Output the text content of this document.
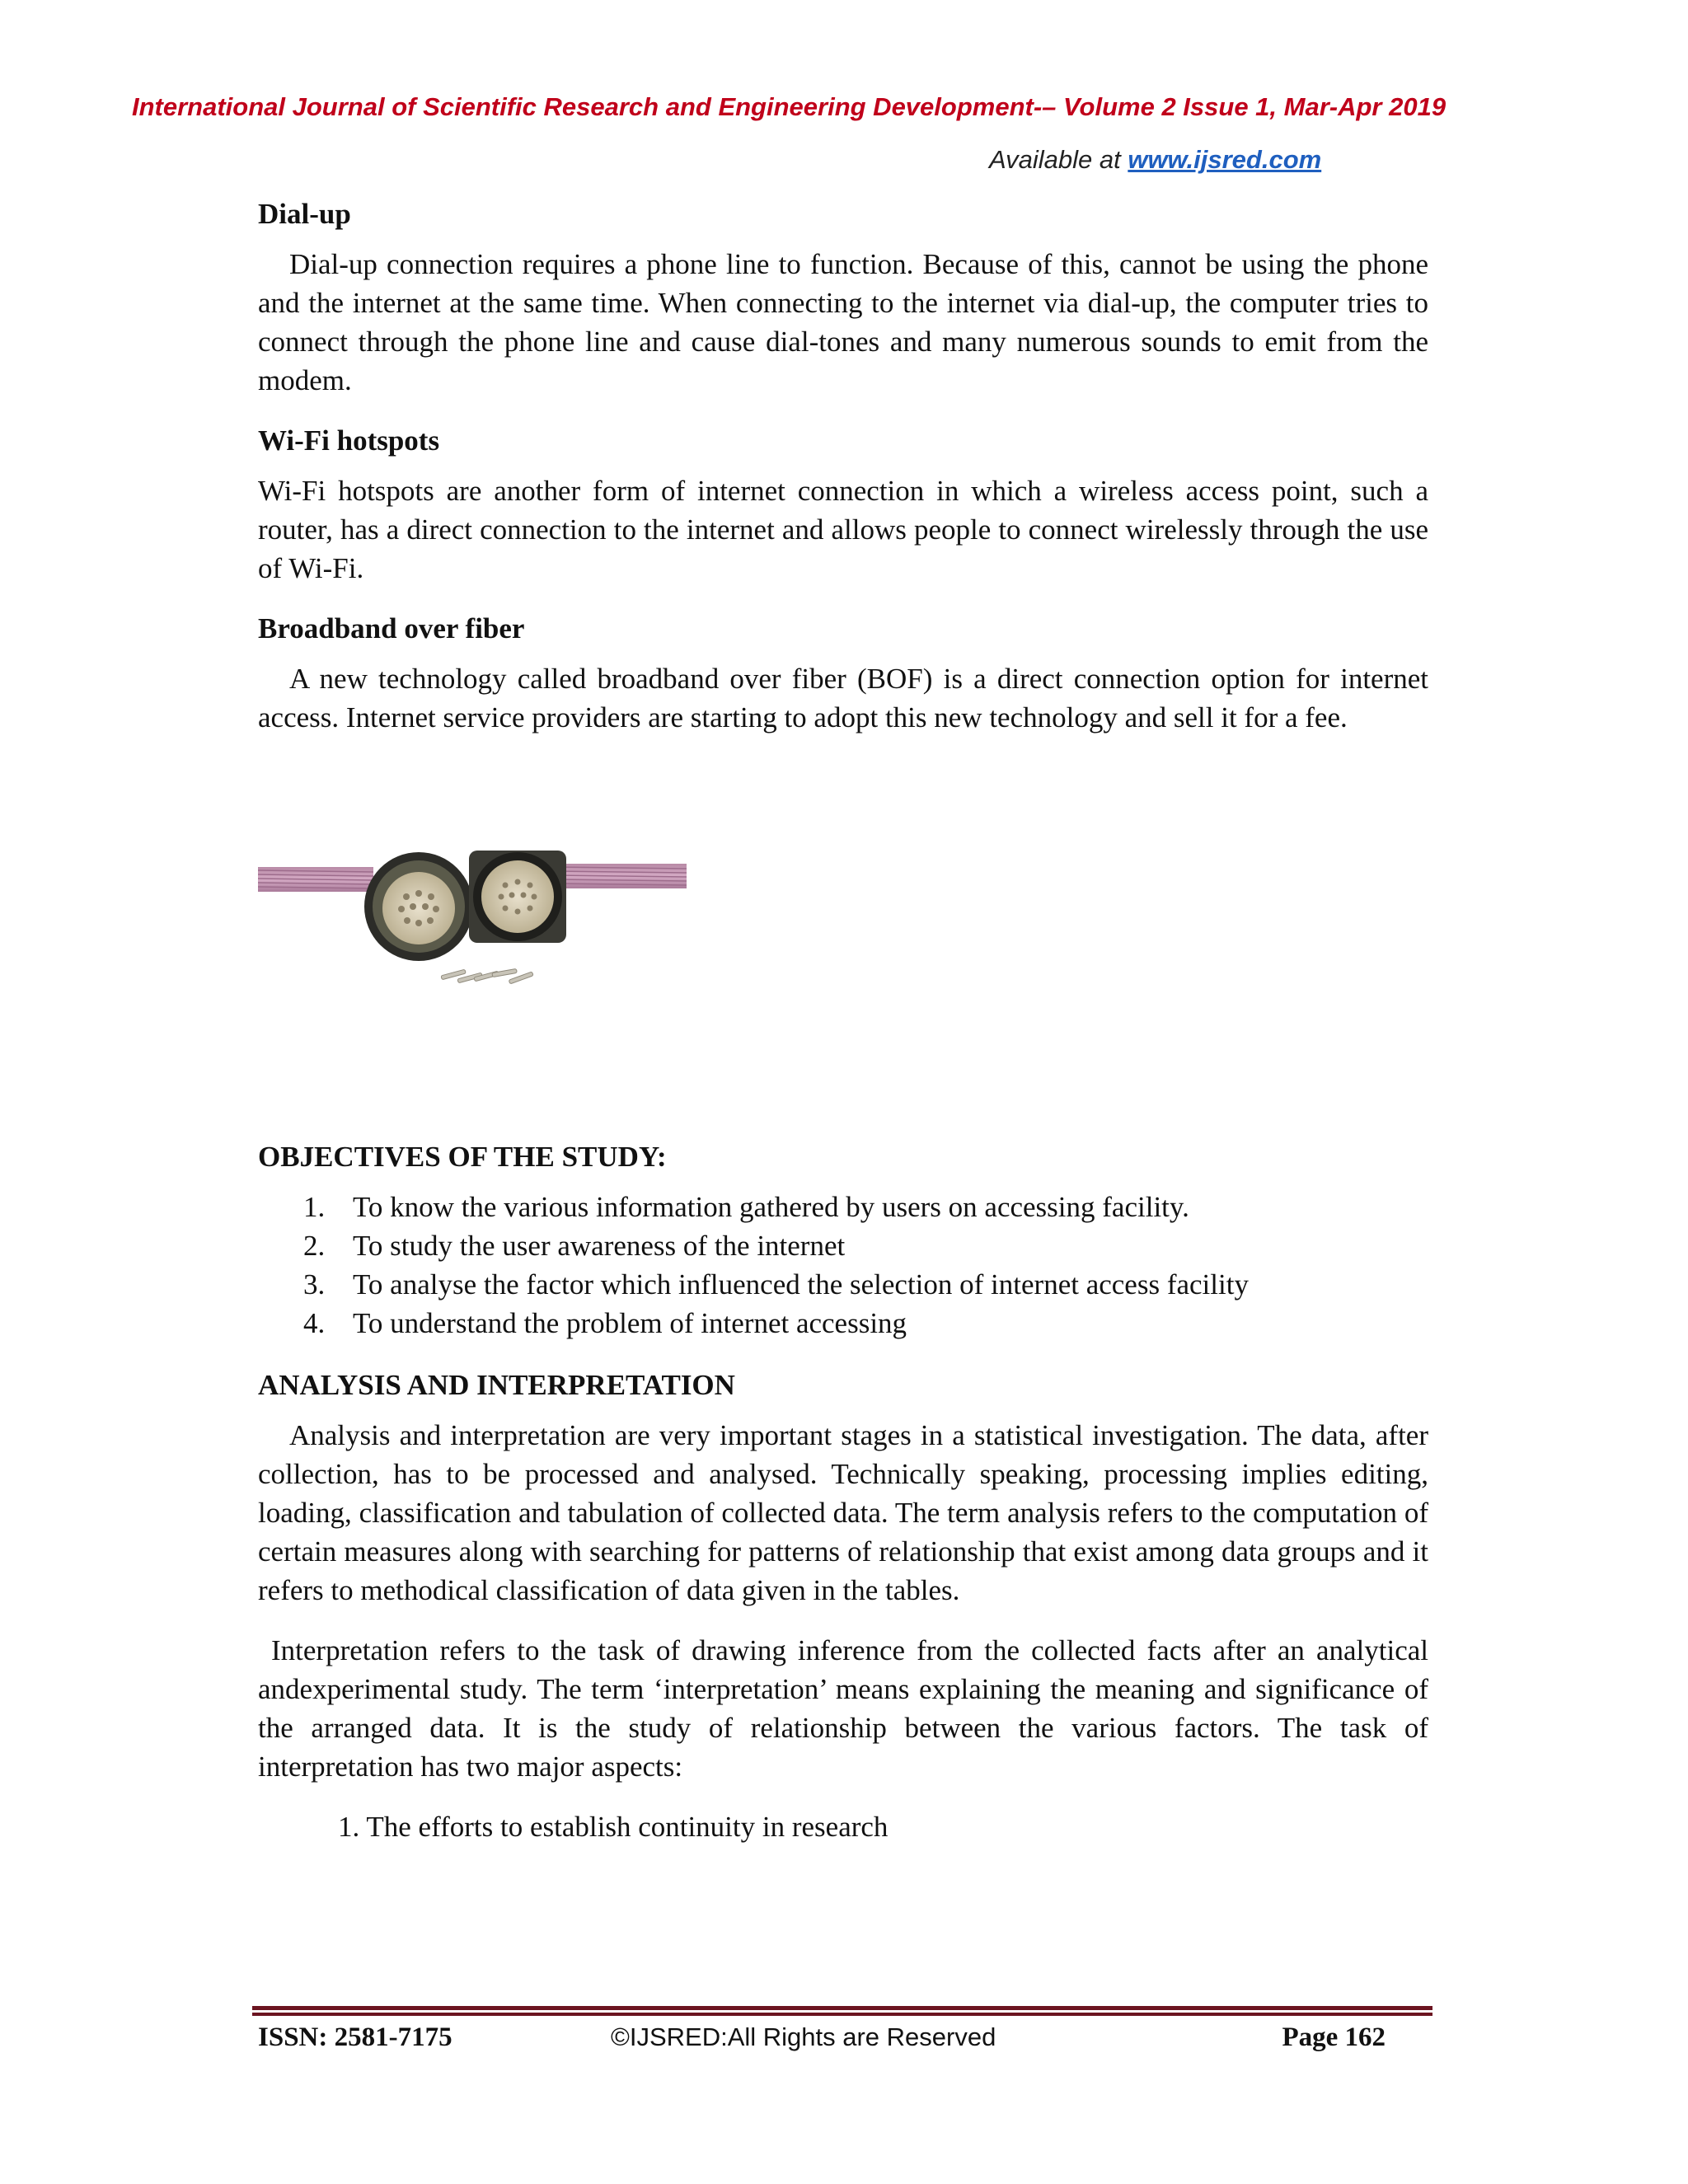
International Journal of Scientific Research and Engineering Development-– Volume 2 Issue 1, Mar-Apr 2019
Available at www.ijsred.com

Dial-up

Dial-up connection requires a phone line to function. Because of this, cannot be using the phone and the internet at the same time. When connecting to the internet via dial-up, the computer tries to connect through the phone line and cause dial-tones and many numerous sounds to emit from the modem.

Wi-Fi hotspots

Wi-Fi hotspots are another form of internet connection in which a wireless access point, such a router, has a direct connection to the internet and allows people to connect wirelessly through the use of Wi-Fi.

Broadband over fiber

A new technology called broadband over fiber (BOF) is a direct connection option for internet access. Internet service providers are starting to adopt this new technology and sell it for a fee.

OBJECTIVES OF THE STUDY:

1. To know the various information gathered by users on accessing facility.
2. To study the user awareness of the internet
3. To analyse the factor which influenced the selection of internet access facility
4. To understand the problem of internet accessing

ANALYSIS AND INTERPRETATION

Analysis and interpretation are very important stages in a statistical investigation. The data, after collection, has to be processed and analysed. Technically speaking, processing implies editing, loading, classification and tabulation of collected data. The term analysis refers to the computation of certain measures along with searching for patterns of relationship that exist among data groups and it refers to methodical classification of data given in the tables.

Interpretation refers to the task of drawing inference from the collected facts after an analytical andexperimental study. The term ‘interpretation’ means explaining the meaning and significance of the arranged data. It is the study of relationship between the various factors. The task of interpretation has two major aspects:

1. The efforts to establish continuity in research

ISSN: 2581-7175	©IJSRED:All Rights are Reserved	Page 162
